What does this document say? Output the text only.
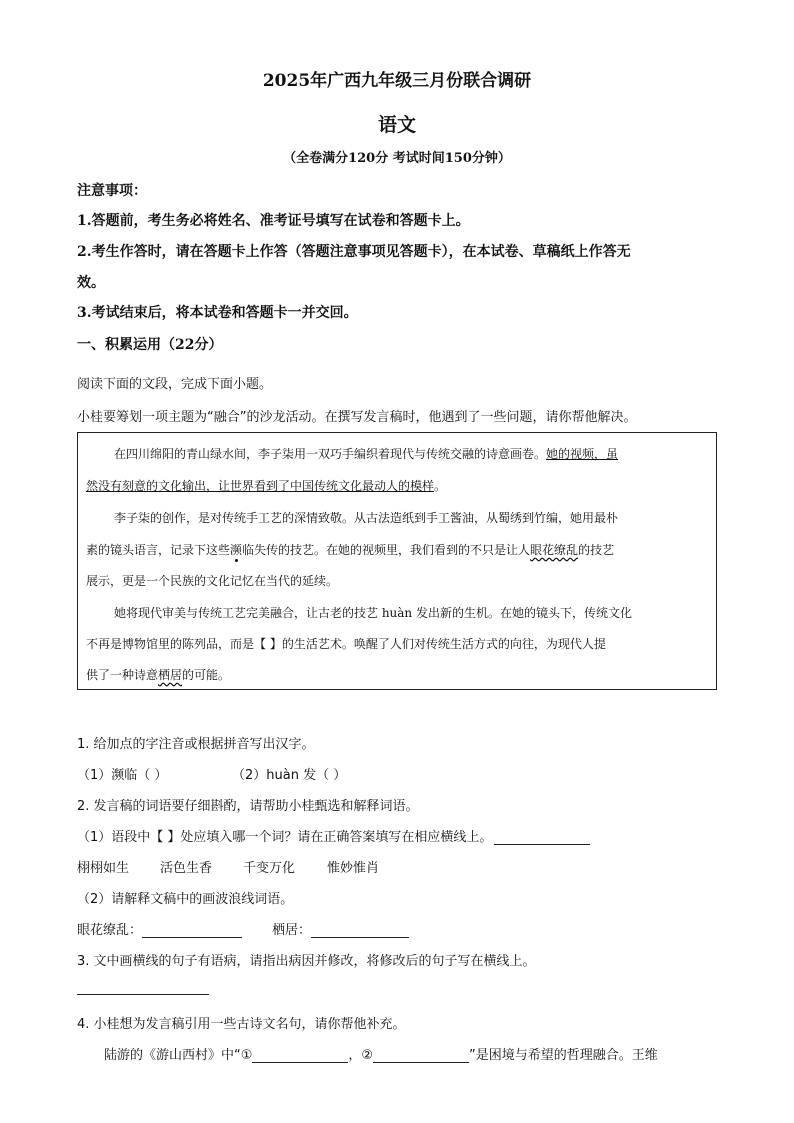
2025年广西九年级三月份联合调研
语文
（全卷满分120分 考试时间150分钟）
注意事项：
1.答题前，考生务必将姓名、准考证号填写在试卷和答题卡上。
2.考生作答时，请在答题卡上作答（答题注意事项见答题卡），在本试卷、草稿纸上作答无
效。
3.考试结束后，将本试卷和答题卡一并交回。
一、积累运用（22分）
阅读下面的文段，完成下面小题。
小桂要筹划一项主题为“融合”的沙龙活动。在撰写发言稿时，他遇到了一些问题，请你帮他解决。
在四川绵阳的青山绿水间，李子柒用一双巧手编织着现代与传统交融的诗意画卷。她的视频，虽
然没有刻意的文化输出，让世界看到了中国传统文化最动人的模样。
李子柒的创作，是对传统手工艺的深情致敬。从古法造纸到手工酱油，从蜀绣到竹编，她用最朴
素的镜头语言，记录下这些濒临失传的技艺。在她的视频里，我们看到的不只是让人眼花缭乱的技艺
展示，更是一个民族的文化记忆在当代的延续。
她将现代审美与传统工艺完美融合，让古老的技艺 huàn 发出新的生机。在她的镜头下，传统文化
不再是博物馆里的陈列品，而是【 】的生活艺术。唤醒了人们对传统生活方式的向往，为现代人提
供了一种诗意栖居的可能。
1. 给加点的字注音或根据拼音写出汉字。
（1）濒临（ ）	（2）huàn 发（ ）
2. 发言稿的词语要仔细斟酌，请帮助小桂甄选和解释词语。
（1）语段中【 】处应填入哪一个词？请在正确答案填写在相应横线上。
栩栩如生 活色生香 千变万化 惟妙惟肖
（2）请解释文稿中的画波浪线词语。
眼花缭乱：	栖居：
3. 文中画横线的句子有语病，请指出病因并修改，将修改后的句子写在横线上。
4. 小桂想为发言稿引用一些古诗文名句，请你帮他补充。
陆游的《游山西村》中“①	，②	”是困境与希望的哲理融合。王维
